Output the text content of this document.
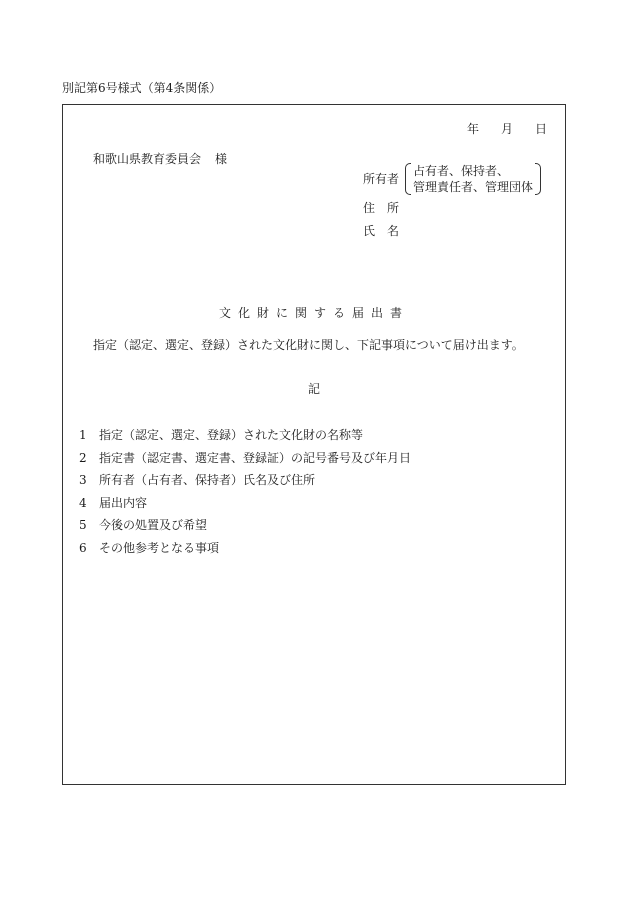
別記第6号様式（第4条関係）
年 月 日
和歌山県教育委員会 様
所有者
占有者、保持者、
管理責任者、管理団体
住 所
氏 名
文化財に関する届出書
指定（認定、選定、登録）された文化財に関し、下記事項について届け出ます。
記
1 指定（認定、選定、登録）された文化財の名称等
2 指定書（認定書、選定書、登録証）の記号番号及び年月日
3 所有者（占有者、保持者）氏名及び住所
4 届出内容
5 今後の処置及び希望
6 その他参考となる事項
